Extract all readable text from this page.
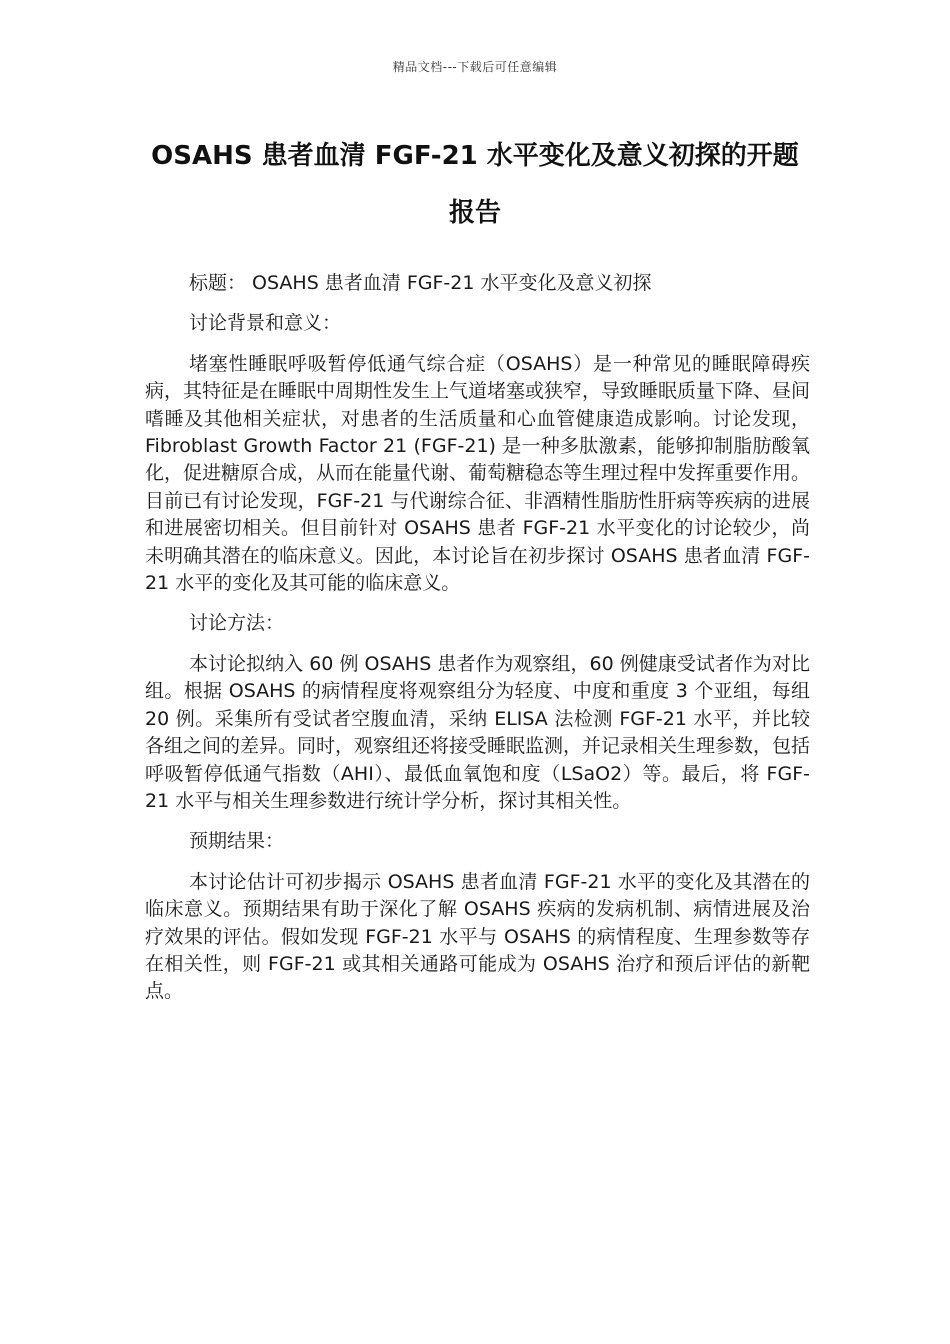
精品文档---下载后可任意编辑
OSAHS 患者血清 FGF-21 水平变化及意义初探的开题报告

标题： OSAHS 患者血清 FGF-21 水平变化及意义初探

讨论背景和意义：

堵塞性睡眠呼吸暂停低通气综合症（OSAHS）是一种常见的睡眠障碍疾病，其特征是在睡眠中周期性发生上气道堵塞或狭窄，导致睡眠质量下降、昼间嗜睡及其他相关症状，对患者的生活质量和心血管健康造成影响。讨论发现，Fibroblast Growth Factor 21 (FGF-21) 是一种多肽激素，能够抑制脂肪酸氧化，促进糖原合成，从而在能量代谢、葡萄糖稳态等生理过程中发挥重要作用。目前已有讨论发现，FGF-21 与代谢综合征、非酒精性脂肪性肝病等疾病的进展和进展密切相关。但目前针对 OSAHS 患者 FGF-21 水平变化的讨论较少，尚未明确其潜在的临床意义。因此，本讨论旨在初步探讨 OSAHS 患者血清 FGF-21 水平的变化及其可能的临床意义。

讨论方法：

本讨论拟纳入 60 例 OSAHS 患者作为观察组，60 例健康受试者作为对比组。根据 OSAHS 的病情程度将观察组分为轻度、中度和重度 3 个亚组，每组 20 例。采集所有受试者空腹血清，采纳 ELISA 法检测 FGF-21 水平，并比较各组之间的差异。同时，观察组还将接受睡眠监测，并记录相关生理参数，包括呼吸暂停低通气指数（AHI）、最低血氧饱和度（LSaO2）等。最后，将 FGF-21 水平与相关生理参数进行统计学分析，探讨其相关性。

预期结果：

本讨论估计可初步揭示 OSAHS 患者血清 FGF-21 水平的变化及其潜在的临床意义。预期结果有助于深化了解 OSAHS 疾病的发病机制、病情进展及治疗效果的评估。假如发现 FGF-21 水平与 OSAHS 的病情程度、生理参数等存在相关性，则 FGF-21 或其相关通路可能成为 OSAHS 治疗和预后评估的新靶点。
